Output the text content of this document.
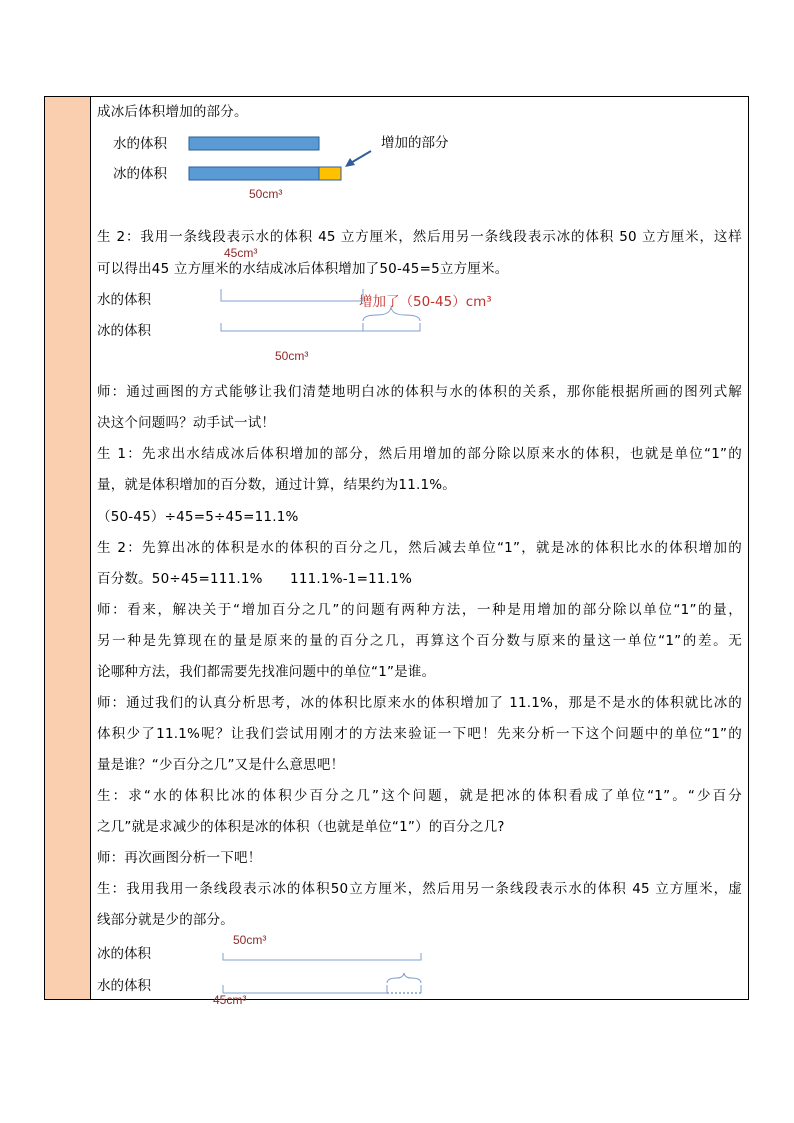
成冰后体积增加的部分。
水的体积
冰的体积
增加的部分
50cm³
生 2：我用一条线段表示水的体积 45 立方厘米，然后用另一条线段表示冰的体积 50 立方厘米，这样
45cm³
可以得出45 立方厘米的水结成冰后体积增加了50-45=5立方厘米。
水的体积
冰的体积
增加了（50-45）cm³
50cm³
师：通过画图的方式能够让我们清楚地明白冰的体积与水的体积的关系，那你能根据所画的图列式解
决这个问题吗？动手试一试！
生 1：先求出水结成冰后体积增加的部分，然后用增加的部分除以原来水的体积，也就是单位“1”的
量，就是体积增加的百分数，通过计算，结果约为11.1%。
（50-45）÷45=5÷45=11.1%
生 2：先算出冰的体积是水的体积的百分之几，然后减去单位“1”，就是冰的体积比水的体积增加的
百分数。50÷45=111.1%　　111.1%-1=11.1%
师：看来，解决关于“增加百分之几”的问题有两种方法，一种是用增加的部分除以单位“1”的量，
另一种是先算现在的量是原来的量的百分之几，再算这个百分数与原来的量这一单位“1”的差。无
论哪种方法，我们都需要先找准问题中的单位“1”是谁。
师：通过我们的认真分析思考，冰的体积比原来水的体积增加了 11.1%，那是不是水的体积就比冰的
体积少了11.1%呢？让我们尝试用刚才的方法来验证一下吧！先来分析一下这个问题中的单位“1”的
量是谁？“少百分之几”又是什么意思吧！
生：求“水的体积比冰的体积少百分之几”这个问题，就是把冰的体积看成了单位“1”。“少百分
之几”就是求减少的体积是冰的体积（也就是单位“1”）的百分之几?
师：再次画图分析一下吧！
生：我用我用一条线段表示冰的体积50立方厘米，然后用另一条线段表示水的体积 45 立方厘米，虚
线部分就是少的部分。
50cm³
冰的体积
水的体积
45cm³
